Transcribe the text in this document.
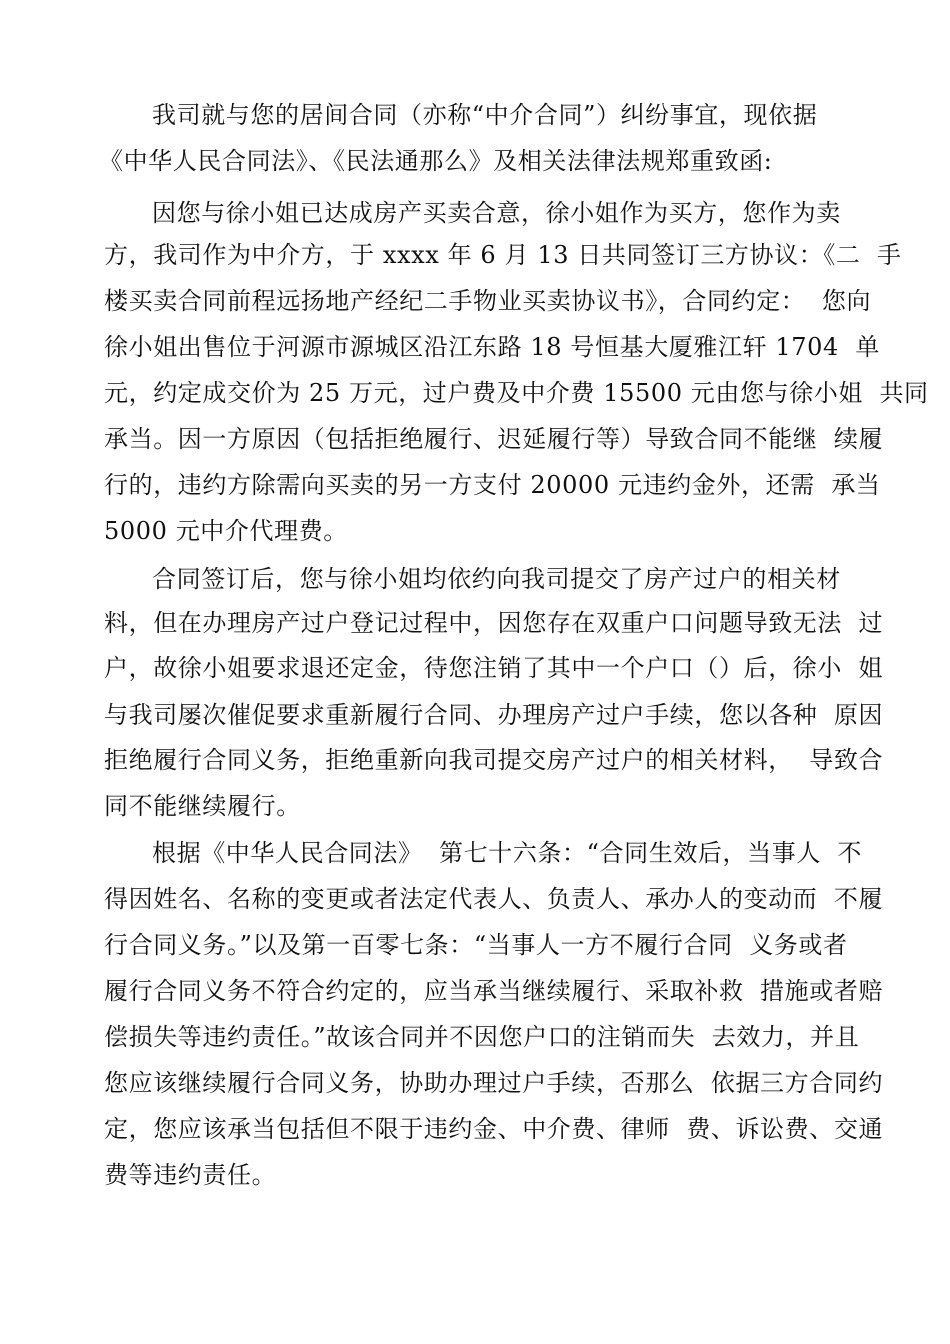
我司就与您的居间合同（亦称“中介合同”）纠纷事宜，现依据
《中华人民合同法》、《民法通那么》及相关法律法规郑重致函:
因您与徐小姐已达成房产买卖合意，徐小姐作为买方，您作为卖
方，我司作为中介方，于 xxxx 年 6 月 13 日共同签订三方协议：《二  手
楼买卖合同前程远扬地产经纪二手物业买卖协议书》，合同约定：  您向
徐小姐出售位于河源市源城区沿江东路 18 号恒基大厦雅江轩 1704  单
元，约定成交价为 25 万元，过户费及中介费 15500 元由您与徐小姐  共同
承当。因一方原因（包括拒绝履行、迟延履行等）导致合同不能继  续履
行的，违约方除需向买卖的另一方支付 20000 元违约金外，还需  承当
5000 元中介代理费。
合同签订后，您与徐小姐均依约向我司提交了房产过户的相关材
料，但在办理房产过户登记过程中，因您存在双重户口问题导致无法  过
户，故徐小姐要求退还定金，待您注销了其中一个户口（）后，徐小  姐
与我司屡次催促要求重新履行合同、办理房产过户手续，您以各种  原因
拒绝履行合同义务，拒绝重新向我司提交房产过户的相关材料，  导致合
同不能继续履行。
根据《中华人民合同法》  第七十六条：“合同生效后，当事人  不
得因姓名、名称的变更或者法定代表人、负责人、承办人的变动而  不履
行合同义务。”以及第一百零七条：“当事人一方不履行合同  义务或者
履行合同义务不符合约定的，应当承当继续履行、采取补救  措施或者赔
偿损失等违约责任。”故该合同并不因您户口的注销而失  去效力，并且
您应该继续履行合同义务，协助办理过户手续，否那么  依据三方合同约
定，您应该承当包括但不限于违约金、中介费、律师  费、诉讼费、交通
费等违约责任。
